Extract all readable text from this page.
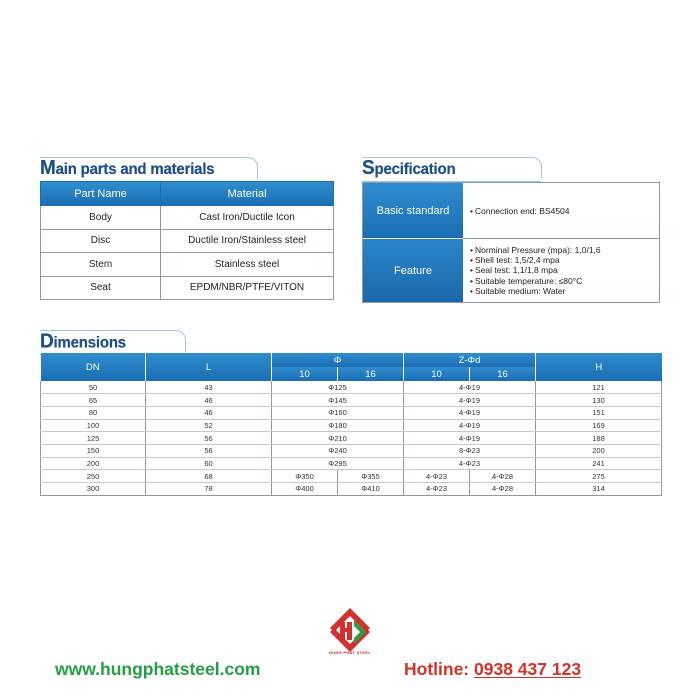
Main parts and materials
Part Name	Material
Body	Cast Iron/Ductile Icon
Disc	Ductile Iron/Stainless steel
Stem	Stainless steel
Seat	EPDM/NBR/PTFE/VITON
Specification
Basic standard	• Connection end: BS4504
Feature
• Norminal Pressure (mpa): 1,0/1,6
• Shell test: 1,5/2,4 mpa
• Seal test: 1,1/1,8 mpa
• Suitable temperature: ≤80°C
• Suitable medium: Water
Dimensions
DN	L	Φ		Z-Φd		H
		10	16	10	16	
50	43	Φ125		4-Φ19		121
65	46	Φ145		4-Φ19		130
80	46	Φ160		4-Φ19		151
100	52	Φ180		4-Φ19		169
125	56	Φ210		4-Φ19		188
150	56	Φ240		8-Φ23		200
200	60	Φ295		4-Φ23		241
250	68	Φ350	Φ355	4-Φ23	4-Φ28	275
300	78	Φ400	Φ410	4-Φ23	4-Φ28	314
HUNG PHAT STEEL
www.hungphatsteel.com	Hotline: 0938 437 123
